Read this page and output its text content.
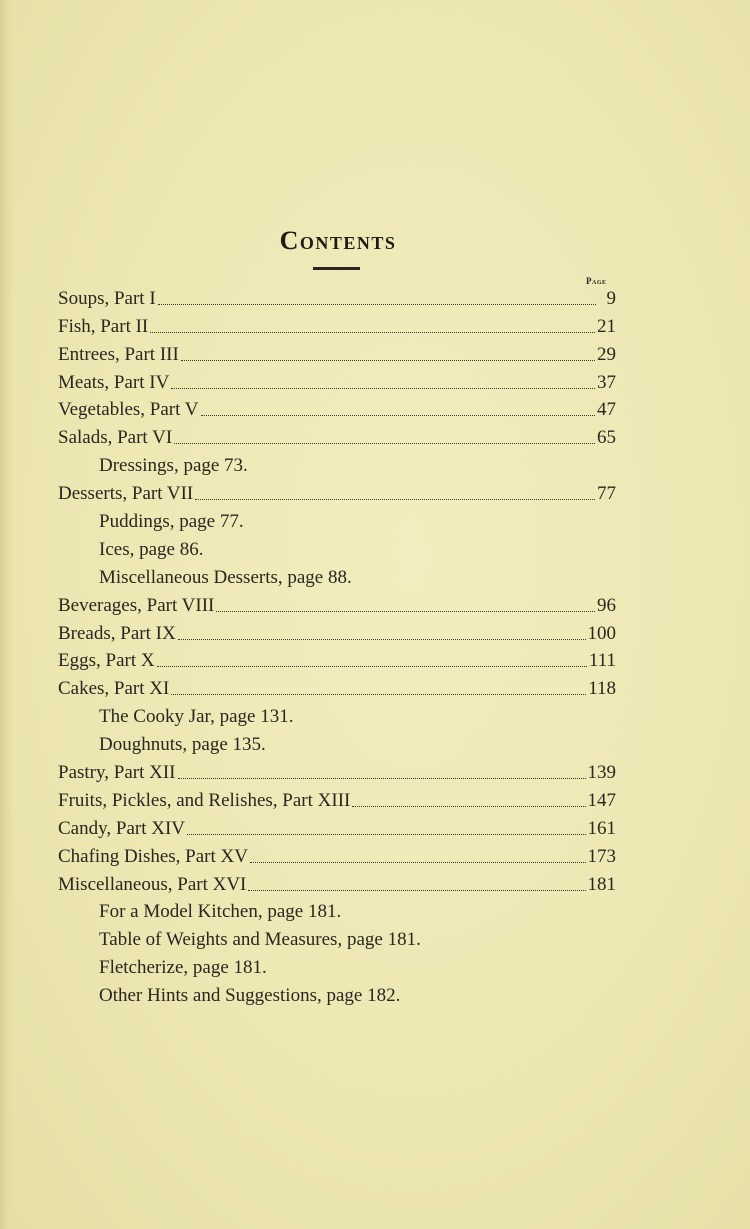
Contents
Page
Soups, Part I	9
Fish, Part II	21
Entrees, Part III	29
Meats, Part IV	37
Vegetables, Part V	47
Salads, Part VI	65
Dressings, page 73.
Desserts, Part VII	77
Puddings, page 77.
Ices, page 86.
Miscellaneous Desserts, page 88.
Beverages, Part VIII	96
Breads, Part IX	100
Eggs, Part X	111
Cakes, Part XI	118
The Cooky Jar, page 131.
Doughnuts, page 135.
Pastry, Part XII	139
Fruits, Pickles, and Relishes, Part XIII	147
Candy, Part XIV	161
Chafing Dishes, Part XV	173
Miscellaneous, Part XVI	181
For a Model Kitchen, page 181.
Table of Weights and Measures, page 181.
Fletcherize, page 181.
Other Hints and Suggestions, page 182.
